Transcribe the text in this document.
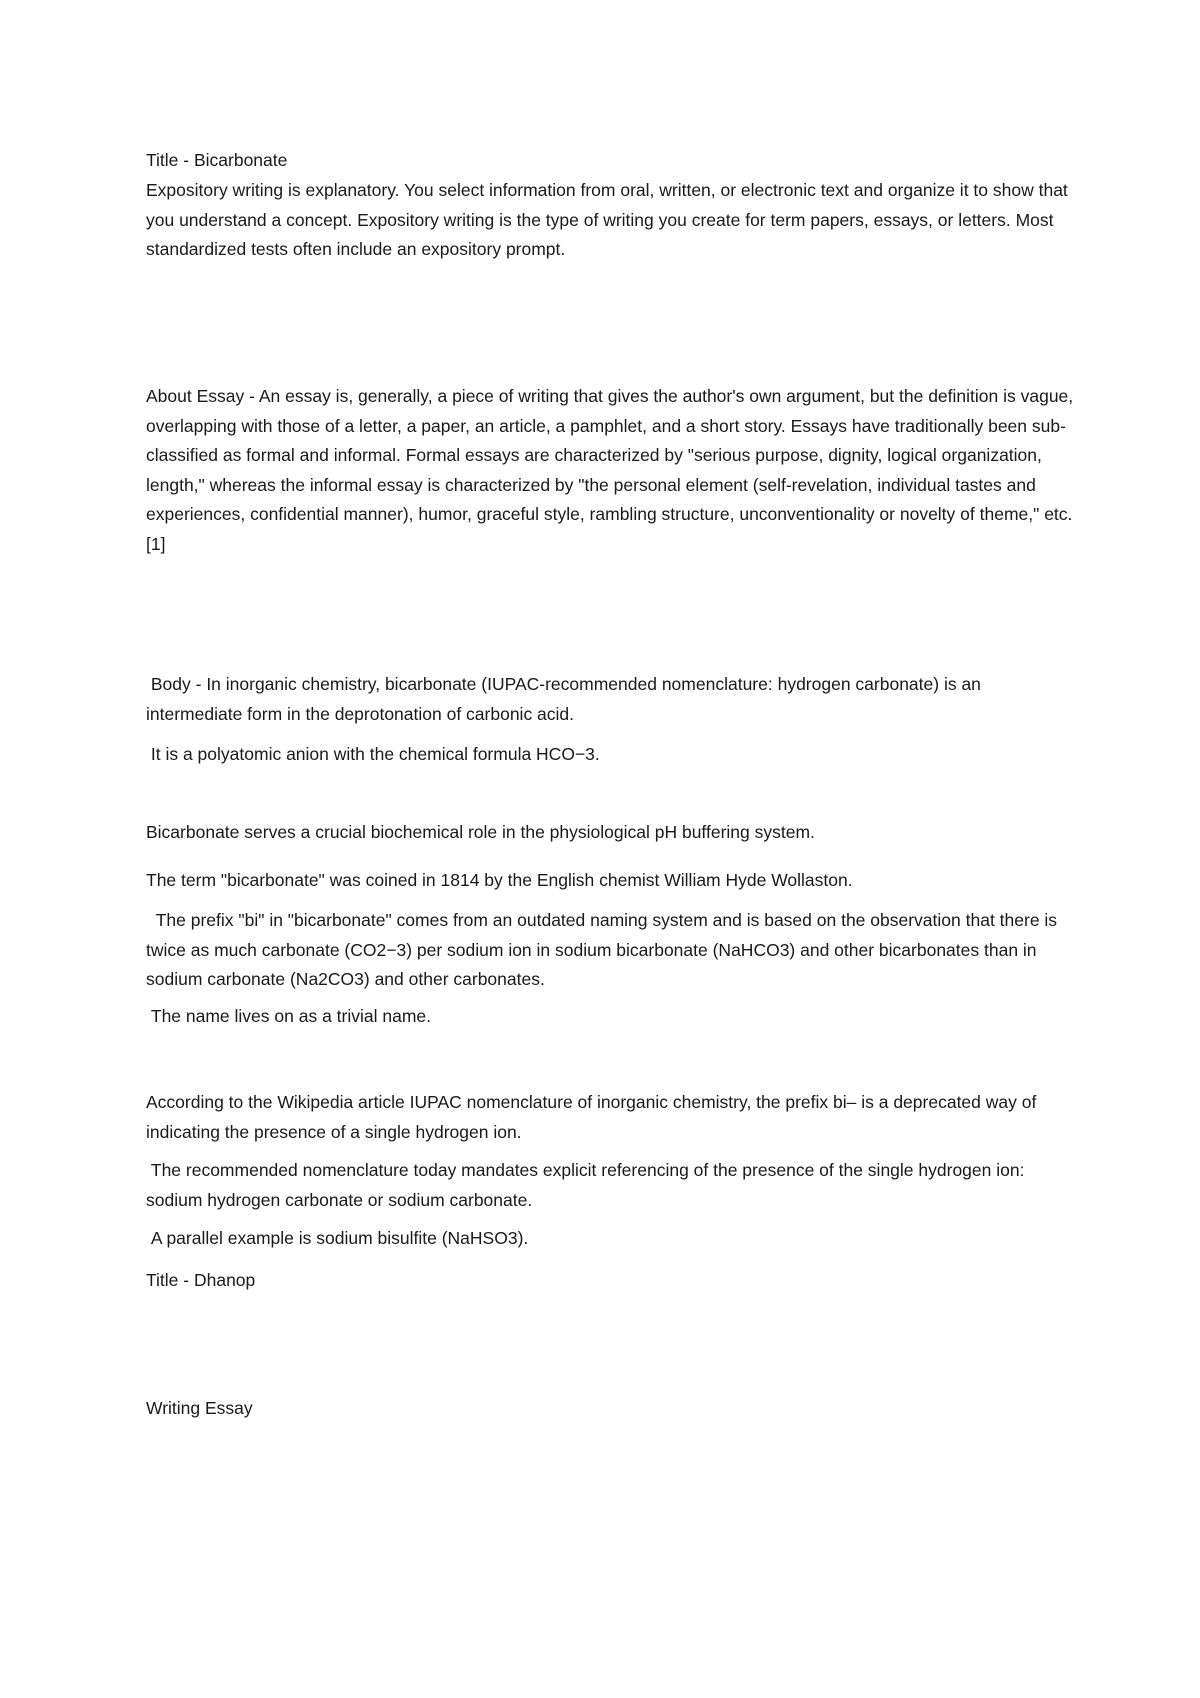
Title - Bicarbonate

Expository writing is explanatory. You select information from oral, written, or electronic text and organize it to show that you understand a concept. Expository writing is the type of writing you create for term papers, essays, or letters. Most standardized tests often include an expository prompt.

About Essay - An essay is, generally, a piece of writing that gives the author's own argument, but the definition is vague, overlapping with those of a letter, a paper, an article, a pamphlet, and a short story. Essays have traditionally been sub-classified as formal and informal. Formal essays are characterized by "serious purpose, dignity, logical organization, length," whereas the informal essay is characterized by "the personal element (self-revelation, individual tastes and experiences, confidential manner), humor, graceful style, rambling structure, unconventionality or novelty of theme," etc.[1]

Body - In inorganic chemistry, bicarbonate (IUPAC-recommended nomenclature: hydrogen carbonate) is an intermediate form in the deprotonation of carbonic acid.

It is a polyatomic anion with the chemical formula HCO−3.

Bicarbonate serves a crucial biochemical role in the physiological pH buffering system.

The term "bicarbonate" was coined in 1814 by the English chemist William Hyde Wollaston.

The prefix "bi" in "bicarbonate" comes from an outdated naming system and is based on the observation that there is twice as much carbonate (CO2−3) per sodium ion in sodium bicarbonate (NaHCO3) and other bicarbonates than in sodium carbonate (Na2CO3) and other carbonates.

The name lives on as a trivial name.

According to the Wikipedia article IUPAC nomenclature of inorganic chemistry, the prefix bi– is a deprecated way of indicating the presence of a single hydrogen ion.

The recommended nomenclature today mandates explicit referencing of the presence of the single hydrogen ion: sodium hydrogen carbonate or sodium carbonate.

A parallel example is sodium bisulfite (NaHSO3).

Title - Dhanop

Writing Essay
